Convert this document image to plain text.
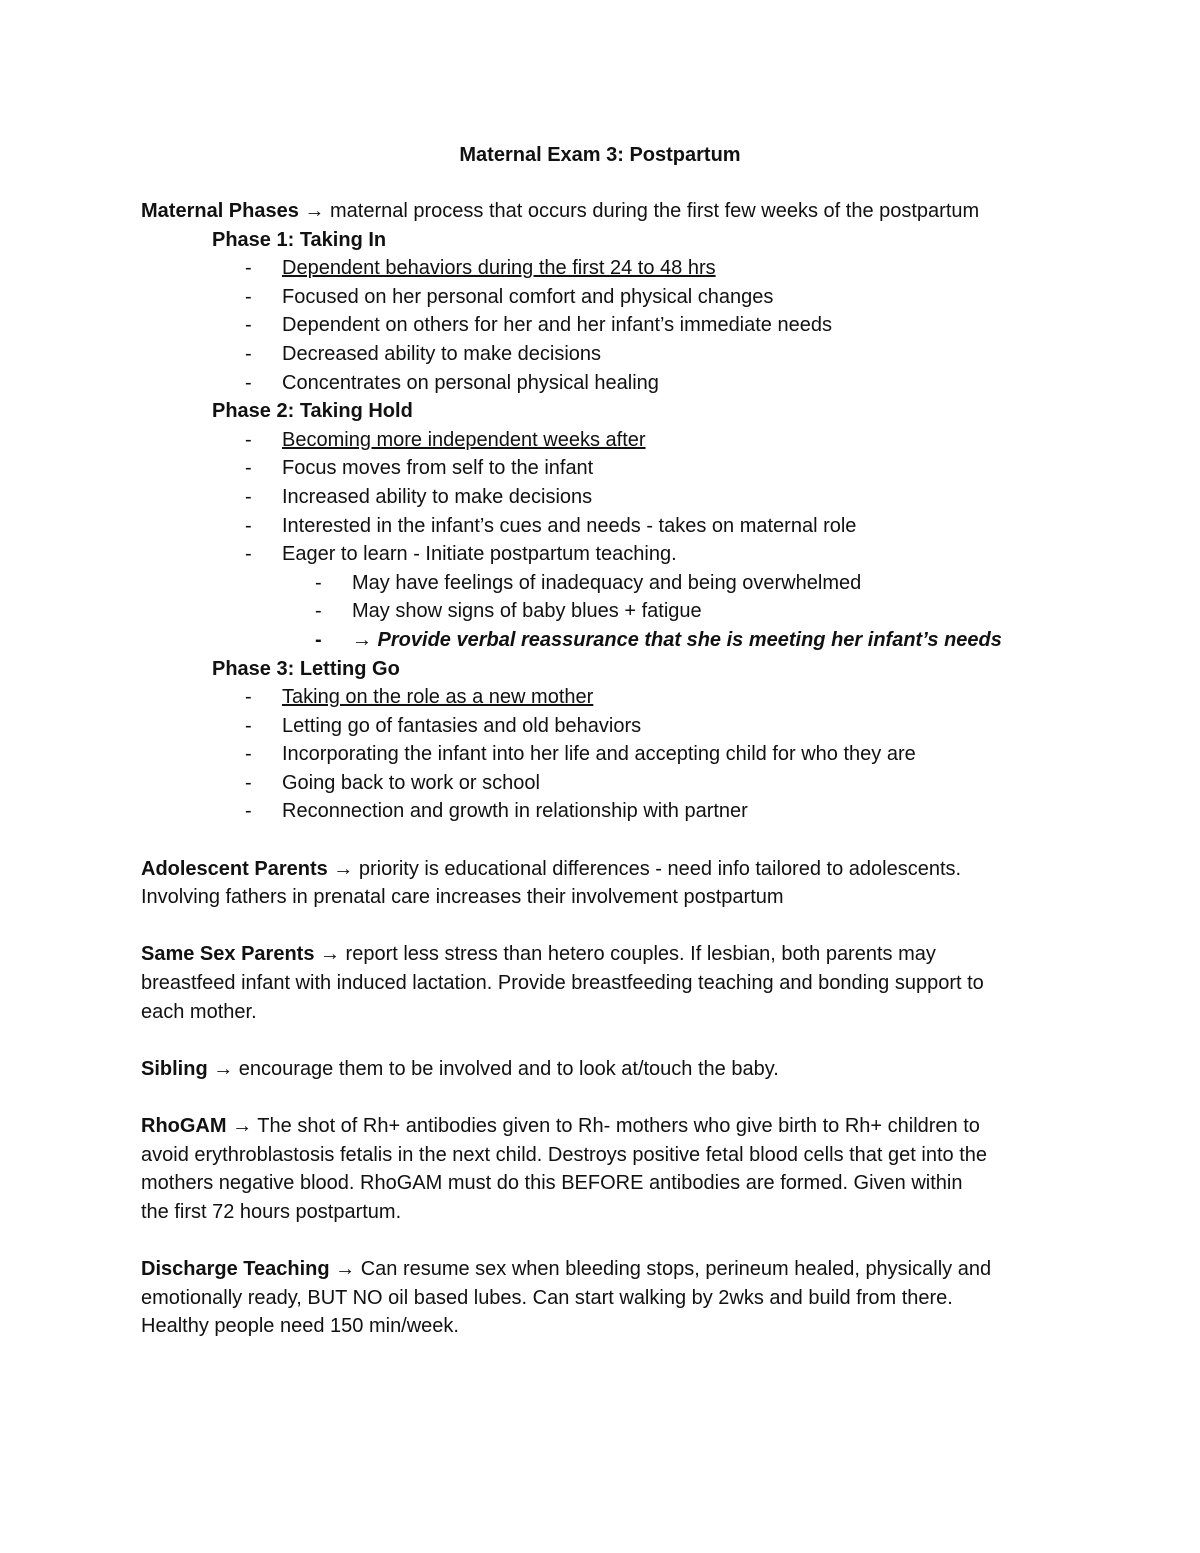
Maternal Exam 3: Postpartum
Maternal Phases → maternal process that occurs during the first few weeks of the postpartum
Phase 1: Taking In
- Dependent behaviors during the first 24 to 48 hrs
- Focused on her personal comfort and physical changes
- Dependent on others for her and her infant’s immediate needs
- Decreased ability to make decisions
- Concentrates on personal physical healing
Phase 2: Taking Hold
- Becoming more independent weeks after
- Focus moves from self to the infant
- Increased ability to make decisions
- Interested in the infant’s cues and needs - takes on maternal role
- Eager to learn - Initiate postpartum teaching.
- May have feelings of inadequacy and being overwhelmed
- May show signs of baby blues + fatigue
- → Provide verbal reassurance that she is meeting her infant’s needs
Phase 3: Letting Go
- Taking on the role as a new mother
- Letting go of fantasies and old behaviors
- Incorporating the infant into her life and accepting child for who they are
- Going back to work or school
- Reconnection and growth in relationship with partner
Adolescent Parents → priority is educational differences - need info tailored to adolescents.
Involving fathers in prenatal care increases their involvement postpartum
Same Sex Parents → report less stress than hetero couples. If lesbian, both parents may
breastfeed infant with induced lactation. Provide breastfeeding teaching and bonding support to
each mother.
Sibling → encourage them to be involved and to look at/touch the baby.
RhoGAM → The shot of Rh+ antibodies given to Rh- mothers who give birth to Rh+ children to
avoid erythroblastosis fetalis in the next child. Destroys positive fetal blood cells that get into the
mothers negative blood. RhoGAM must do this BEFORE antibodies are formed. Given within
the first 72 hours postpartum.
Discharge Teaching → Can resume sex when bleeding stops, perineum healed, physically and
emotionally ready, BUT NO oil based lubes. Can start walking by 2wks and build from there.
Healthy people need 150 min/week.
